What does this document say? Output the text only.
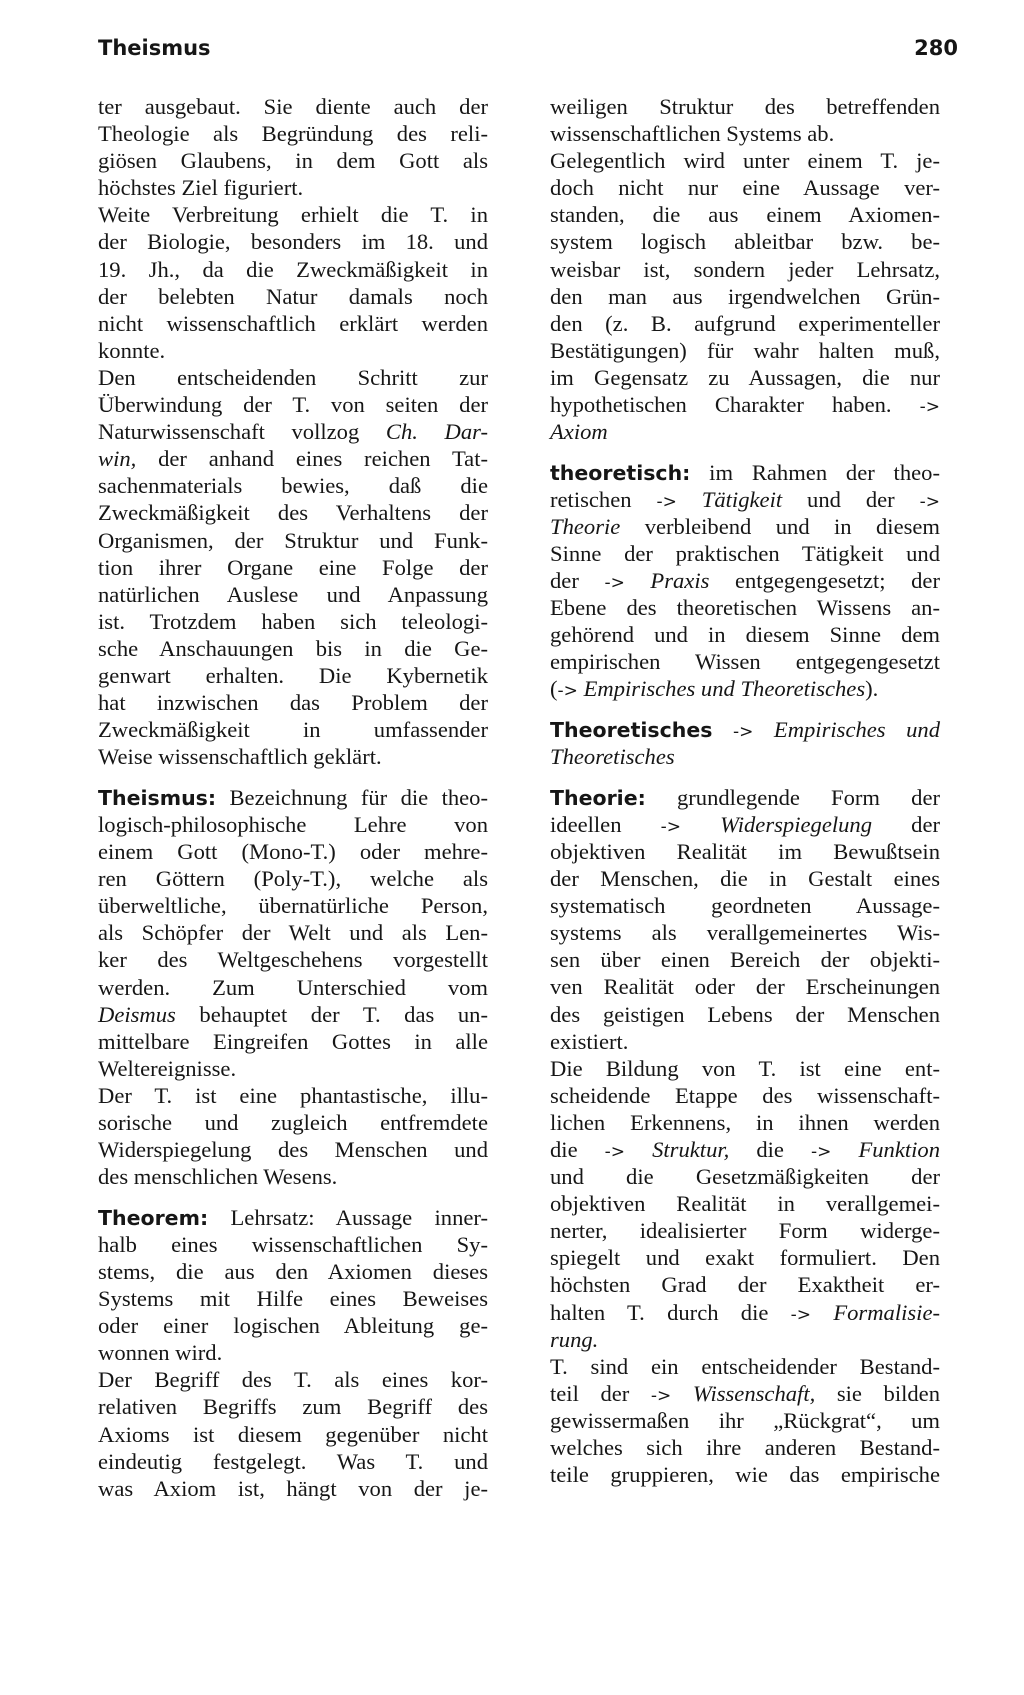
Theismus	280
ter ausgebaut. Sie diente auch der
Theologie als Begründung des reli-
giösen Glaubens, in dem Gott als
höchstes Ziel figuriert.
Weite Verbreitung erhielt die T. in
der Biologie, besonders im 18. und
19. Jh., da die Zweckmäßigkeit in
der belebten Natur damals noch
nicht wissenschaftlich erklärt werden
konnte.
Den entscheidenden Schritt zur
Überwindung der T. von seiten der
Naturwissenschaft vollzog Ch. Dar-
win, der anhand eines reichen Tat-
sachenmaterials bewies, daß die
Zweckmäßigkeit des Verhaltens der
Organismen, der Struktur und Funk-
tion ihrer Organe eine Folge der
natürlichen Auslese und Anpassung
ist. Trotzdem haben sich teleologi-
sche Anschauungen bis in die Ge-
genwart erhalten. Die Kybernetik
hat inzwischen das Problem der
Zweckmäßigkeit in umfassender
Weise wissenschaftlich geklärt.
Theismus: Bezeichnung für die theo-
logisch-philosophische Lehre von
einem Gott (Mono-T.) oder mehre-
ren Göttern (Poly-T.), welche als
überweltliche, übernatürliche Person,
als Schöpfer der Welt und als Len-
ker des Weltgeschehens vorgestellt
werden. Zum Unterschied vom
Deismus behauptet der T. das un-
mittelbare Eingreifen Gottes in alle
Weltereignisse.
Der T. ist eine phantastische, illu-
sorische und zugleich entfremdete
Widerspiegelung des Menschen und
des menschlichen Wesens.
Theorem: Lehrsatz: Aussage inner-
halb eines wissenschaftlichen Sy-
stems, die aus den Axiomen dieses
Systems mit Hilfe eines Beweises
oder einer logischen Ableitung ge-
wonnen wird.
Der Begriff des T. als eines kor-
relativen Begriffs zum Begriff des
Axioms ist diesem gegenüber nicht
eindeutig festgelegt. Was T. und
was Axiom ist, hängt von der je-
weiligen Struktur des betreffenden
wissenschaftlichen Systems ab.
Gelegentlich wird unter einem T. je-
doch nicht nur eine Aussage ver-
standen, die aus einem Axiomen-
system logisch ableitbar bzw. be-
weisbar ist, sondern jeder Lehrsatz,
den man aus irgendwelchen Grün-
den (z. B. aufgrund experimenteller
Bestätigungen) für wahr halten muß,
im Gegensatz zu Aussagen, die nur
hypothetischen Charakter haben. ->
Axiom
theoretisch: im Rahmen der theo-
retischen -> Tätigkeit und der ->
Theorie verbleibend und in diesem
Sinne der praktischen Tätigkeit und
der -> Praxis entgegengesetzt; der
Ebene des theoretischen Wissens an-
gehörend und in diesem Sinne dem
empirischen Wissen entgegengesetzt
(-> Empirisches und Theoretisches).
Theoretisches -> Empirisches und
Theoretisches
Theorie: grundlegende Form der
ideellen -> Widerspiegelung der
objektiven Realität im Bewußtsein
der Menschen, die in Gestalt eines
systematisch geordneten Aussage-
systems als verallgemeinertes Wis-
sen über einen Bereich der objekti-
ven Realität oder der Erscheinungen
des geistigen Lebens der Menschen
existiert.
Die Bildung von T. ist eine ent-
scheidende Etappe des wissenschaft-
lichen Erkennens, in ihnen werden
die -> Struktur, die -> Funktion
und die Gesetzmäßigkeiten der
objektiven Realität in verallgemei-
nerter, idealisierter Form widerge-
spiegelt und exakt formuliert. Den
höchsten Grad der Exaktheit er-
halten T. durch die -> Formalisie-
rung.
T. sind ein entscheidender Bestand-
teil der -> Wissenschaft, sie bilden
gewissermaßen ihr „Rückgrat“, um
welches sich ihre anderen Bestand-
teile gruppieren, wie das empirische
